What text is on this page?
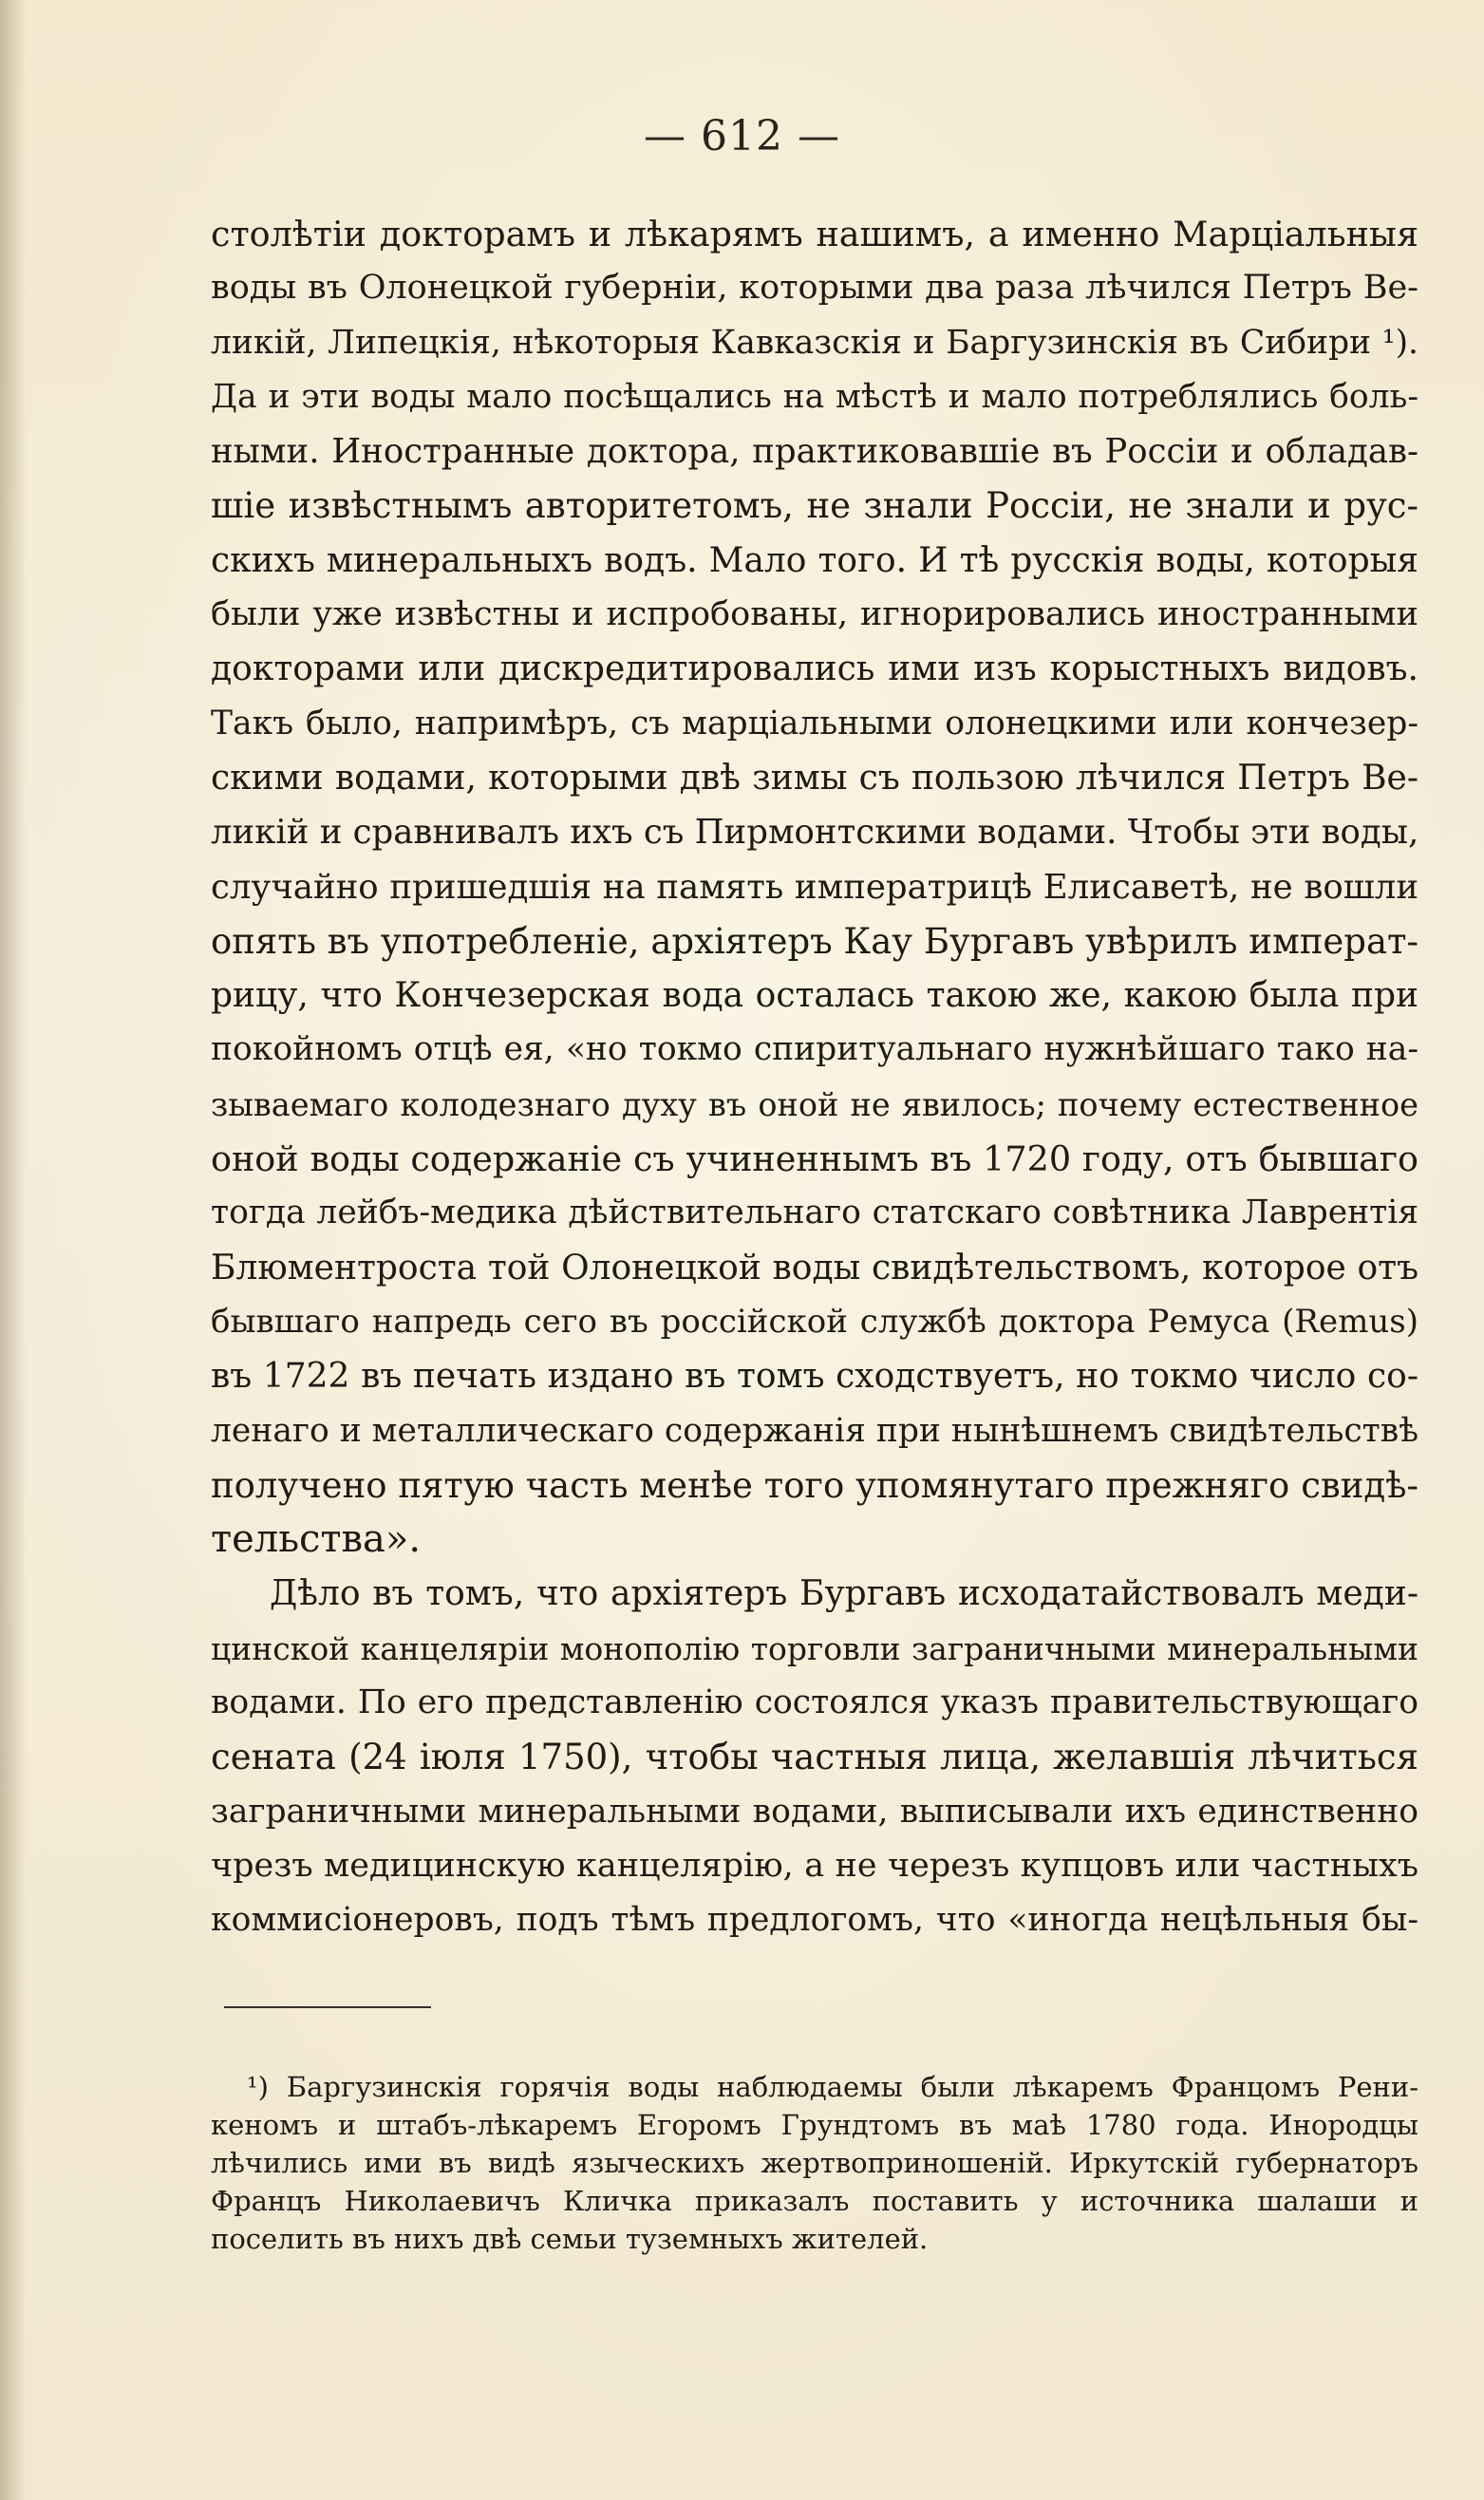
— 612 —

столѣтіи докторамъ и лѣкарямъ нашимъ, а именно Марціальныя
воды въ Олонецкой губерніи, которыми два раза лѣчился Петръ Ве-
ликій, Липецкія, нѣкоторыя Кавказскія и Баргузинскія въ Сибири ¹).
Да и эти воды мало посѣщались на мѣстѣ и мало потреблялись боль-
ными. Иностранные доктора, практиковавшіе въ Россіи и обладав-
шіе извѣстнымъ авторитетомъ, не знали Россіи, не знали и рус-
скихъ минеральныхъ водъ. Мало того. И тѣ русскія воды, которыя
были уже извѣстны и испробованы, игнорировались иностранными
докторами или дискредитировались ими изъ корыстныхъ видовъ.
Такъ было, напримѣръ, съ марціальными олонецкими или кончезер-
скими водами, которыми двѣ зимы съ пользою лѣчился Петръ Ве-
ликій и сравнивалъ ихъ съ Пирмонтскими водами. Чтобы эти воды,
случайно пришедшія на память императрицѣ Елисаветѣ, не вошли
опять въ употребленіе, архіятеръ Кау Бургавъ увѣрилъ императ-
рицу, что Кончезерская вода осталась такою же, какою была при
покойномъ отцѣ ея, «но токмо спиритуальнаго нужнѣйшаго тако на-
зываемаго колодезнаго духу въ оной не явилось; почему естественное
оной воды содержаніе съ учиненнымъ въ 1720 году, отъ бывшаго
тогда лейбъ-медика дѣйствительнаго статскаго совѣтника Лаврентія
Блюментроста той Олонецкой воды свидѣтельствомъ, которое отъ
бывшаго напредь сего въ россійской службѣ доктора Ремуса (Remus)
въ 1722 въ печать издано въ томъ сходствуетъ, но токмо число со-
ленаго и металлическаго содержанія при нынѣшнемъ свидѣтельствѣ
получено пятую часть менѣе того упомянутаго прежняго свидѣ-
тельства».

Дѣло въ томъ, что архіятеръ Бургавъ исходатайствовалъ меди-
цинской канцеляріи монополію торговли заграничными минеральными
водами. По его представленію состоялся указъ правительствующаго
сената (24 іюля 1750), чтобы частныя лица, желавшія лѣчиться
заграничными минеральными водами, выписывали ихъ единственно
чрезъ медицинскую канцелярію, а не черезъ купцовъ или частныхъ
коммисіонеровъ, подъ тѣмъ предлогомъ, что «иногда нецѣльныя бы-

¹) Баргузинскія горячія воды наблюдаемы были лѣкаремъ Францомъ Рени-
кеномъ и штабъ-лѣкаремъ Егоромъ Грундтомъ въ маѣ 1780 года. Инородцы
лѣчились ими въ видѣ языческихъ жертвоприношеній. Иркутскій губернаторъ
Францъ Николаевичъ Кличка приказалъ поставить у источника шалаши и
поселить въ нихъ двѣ семьи туземныхъ жителей.
